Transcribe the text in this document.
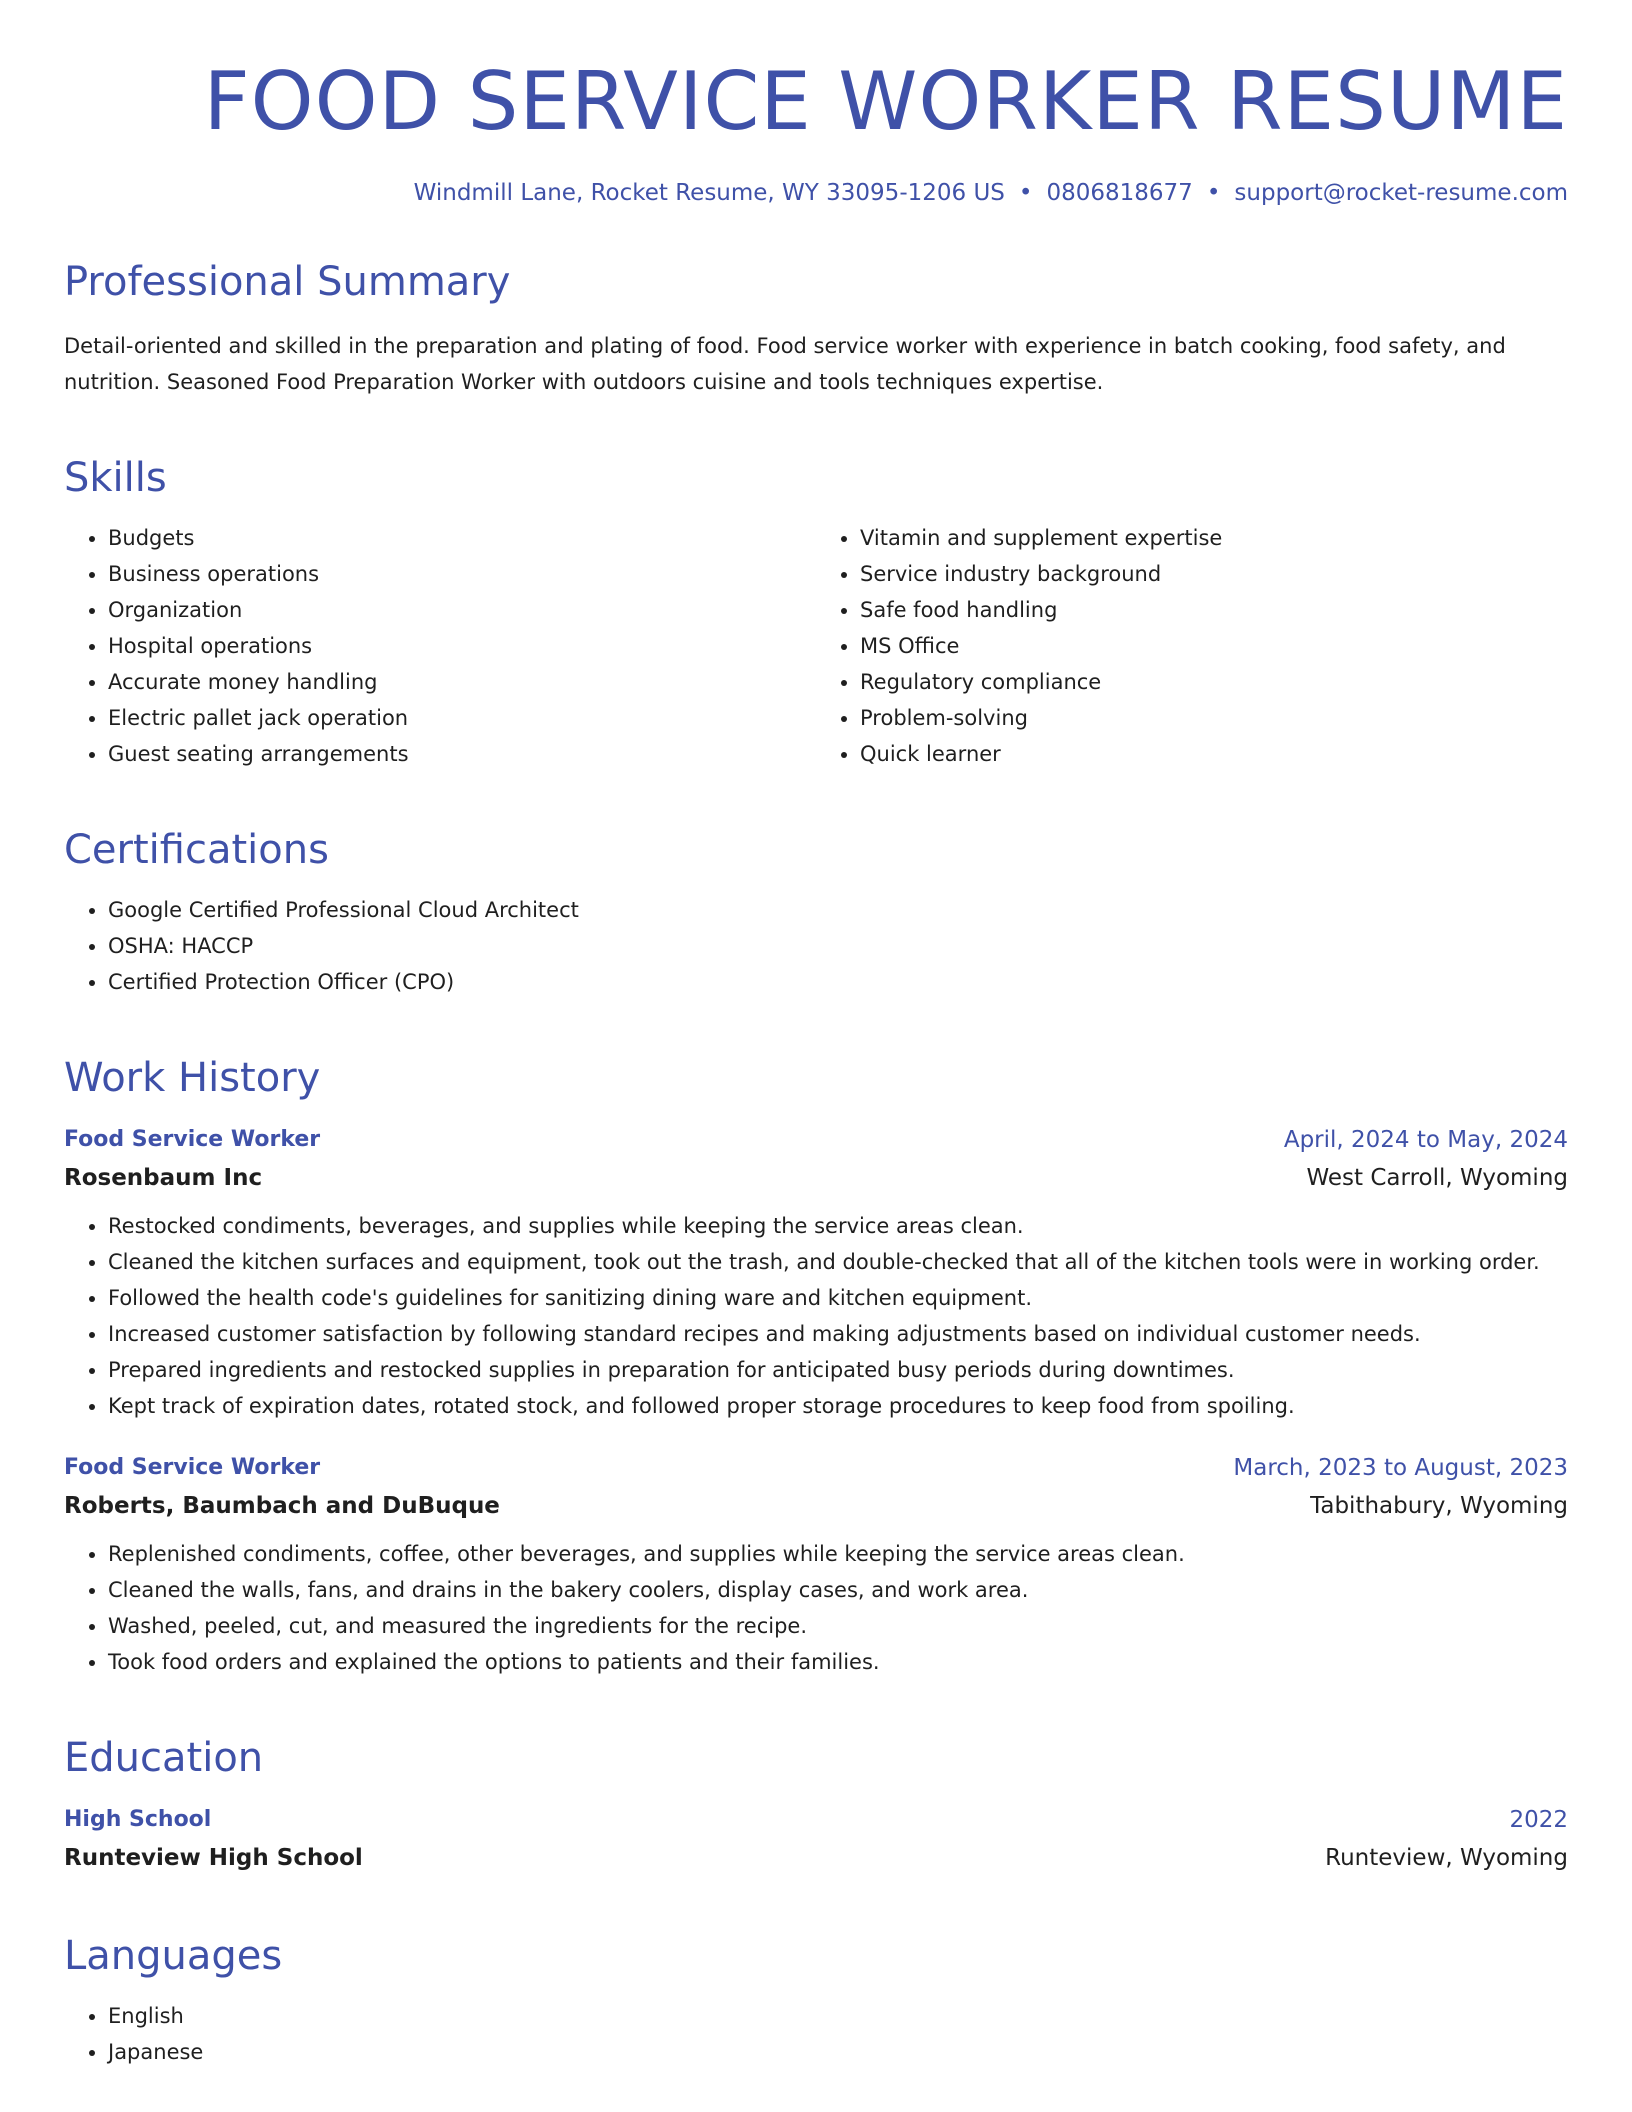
FOOD SERVICE WORKER RESUME
Windmill Lane, Rocket Resume, WY 33095-1206 US • 0806818677 • support@rocket-resume.com
Professional Summary

Detail-oriented and skilled in the preparation and plating of food. Food service worker with experience in batch cooking, food safety, and nutrition. Seasoned Food Preparation Worker with outdoors cuisine and tools techniques expertise.

Skills
• Budgets
• Business operations
• Organization
• Hospital operations
• Accurate money handling
• Electric pallet jack operation
• Guest seating arrangements
• Vitamin and supplement expertise
• Service industry background
• Safe food handling
• MS Office
• Regulatory compliance
• Problem-solving
• Quick learner
Certifications
• Google Certified Professional Cloud Architect
• OSHA: HACCP
• Certified Protection Officer (CPO)
Work History
Food Service Worker	April, 2024 to May, 2024
Rosenbaum Inc	West Carroll, Wyoming
• Restocked condiments, beverages, and supplies while keeping the service areas clean.
• Cleaned the kitchen surfaces and equipment, took out the trash, and double-checked that all of the kitchen tools were in working order.
• Followed the health code's guidelines for sanitizing dining ware and kitchen equipment.
• Increased customer satisfaction by following standard recipes and making adjustments based on individual customer needs.
• Prepared ingredients and restocked supplies in preparation for anticipated busy periods during downtimes.
• Kept track of expiration dates, rotated stock, and followed proper storage procedures to keep food from spoiling.
Food Service Worker	March, 2023 to August, 2023
Roberts, Baumbach and DuBuque	Tabithabury, Wyoming
• Replenished condiments, coffee, other beverages, and supplies while keeping the service areas clean.
• Cleaned the walls, fans, and drains in the bakery coolers, display cases, and work area.
• Washed, peeled, cut, and measured the ingredients for the recipe.
• Took food orders and explained the options to patients and their families.
Education
High School	2022
Runteview High School	Runteview, Wyoming
Languages
• English
• Japanese
